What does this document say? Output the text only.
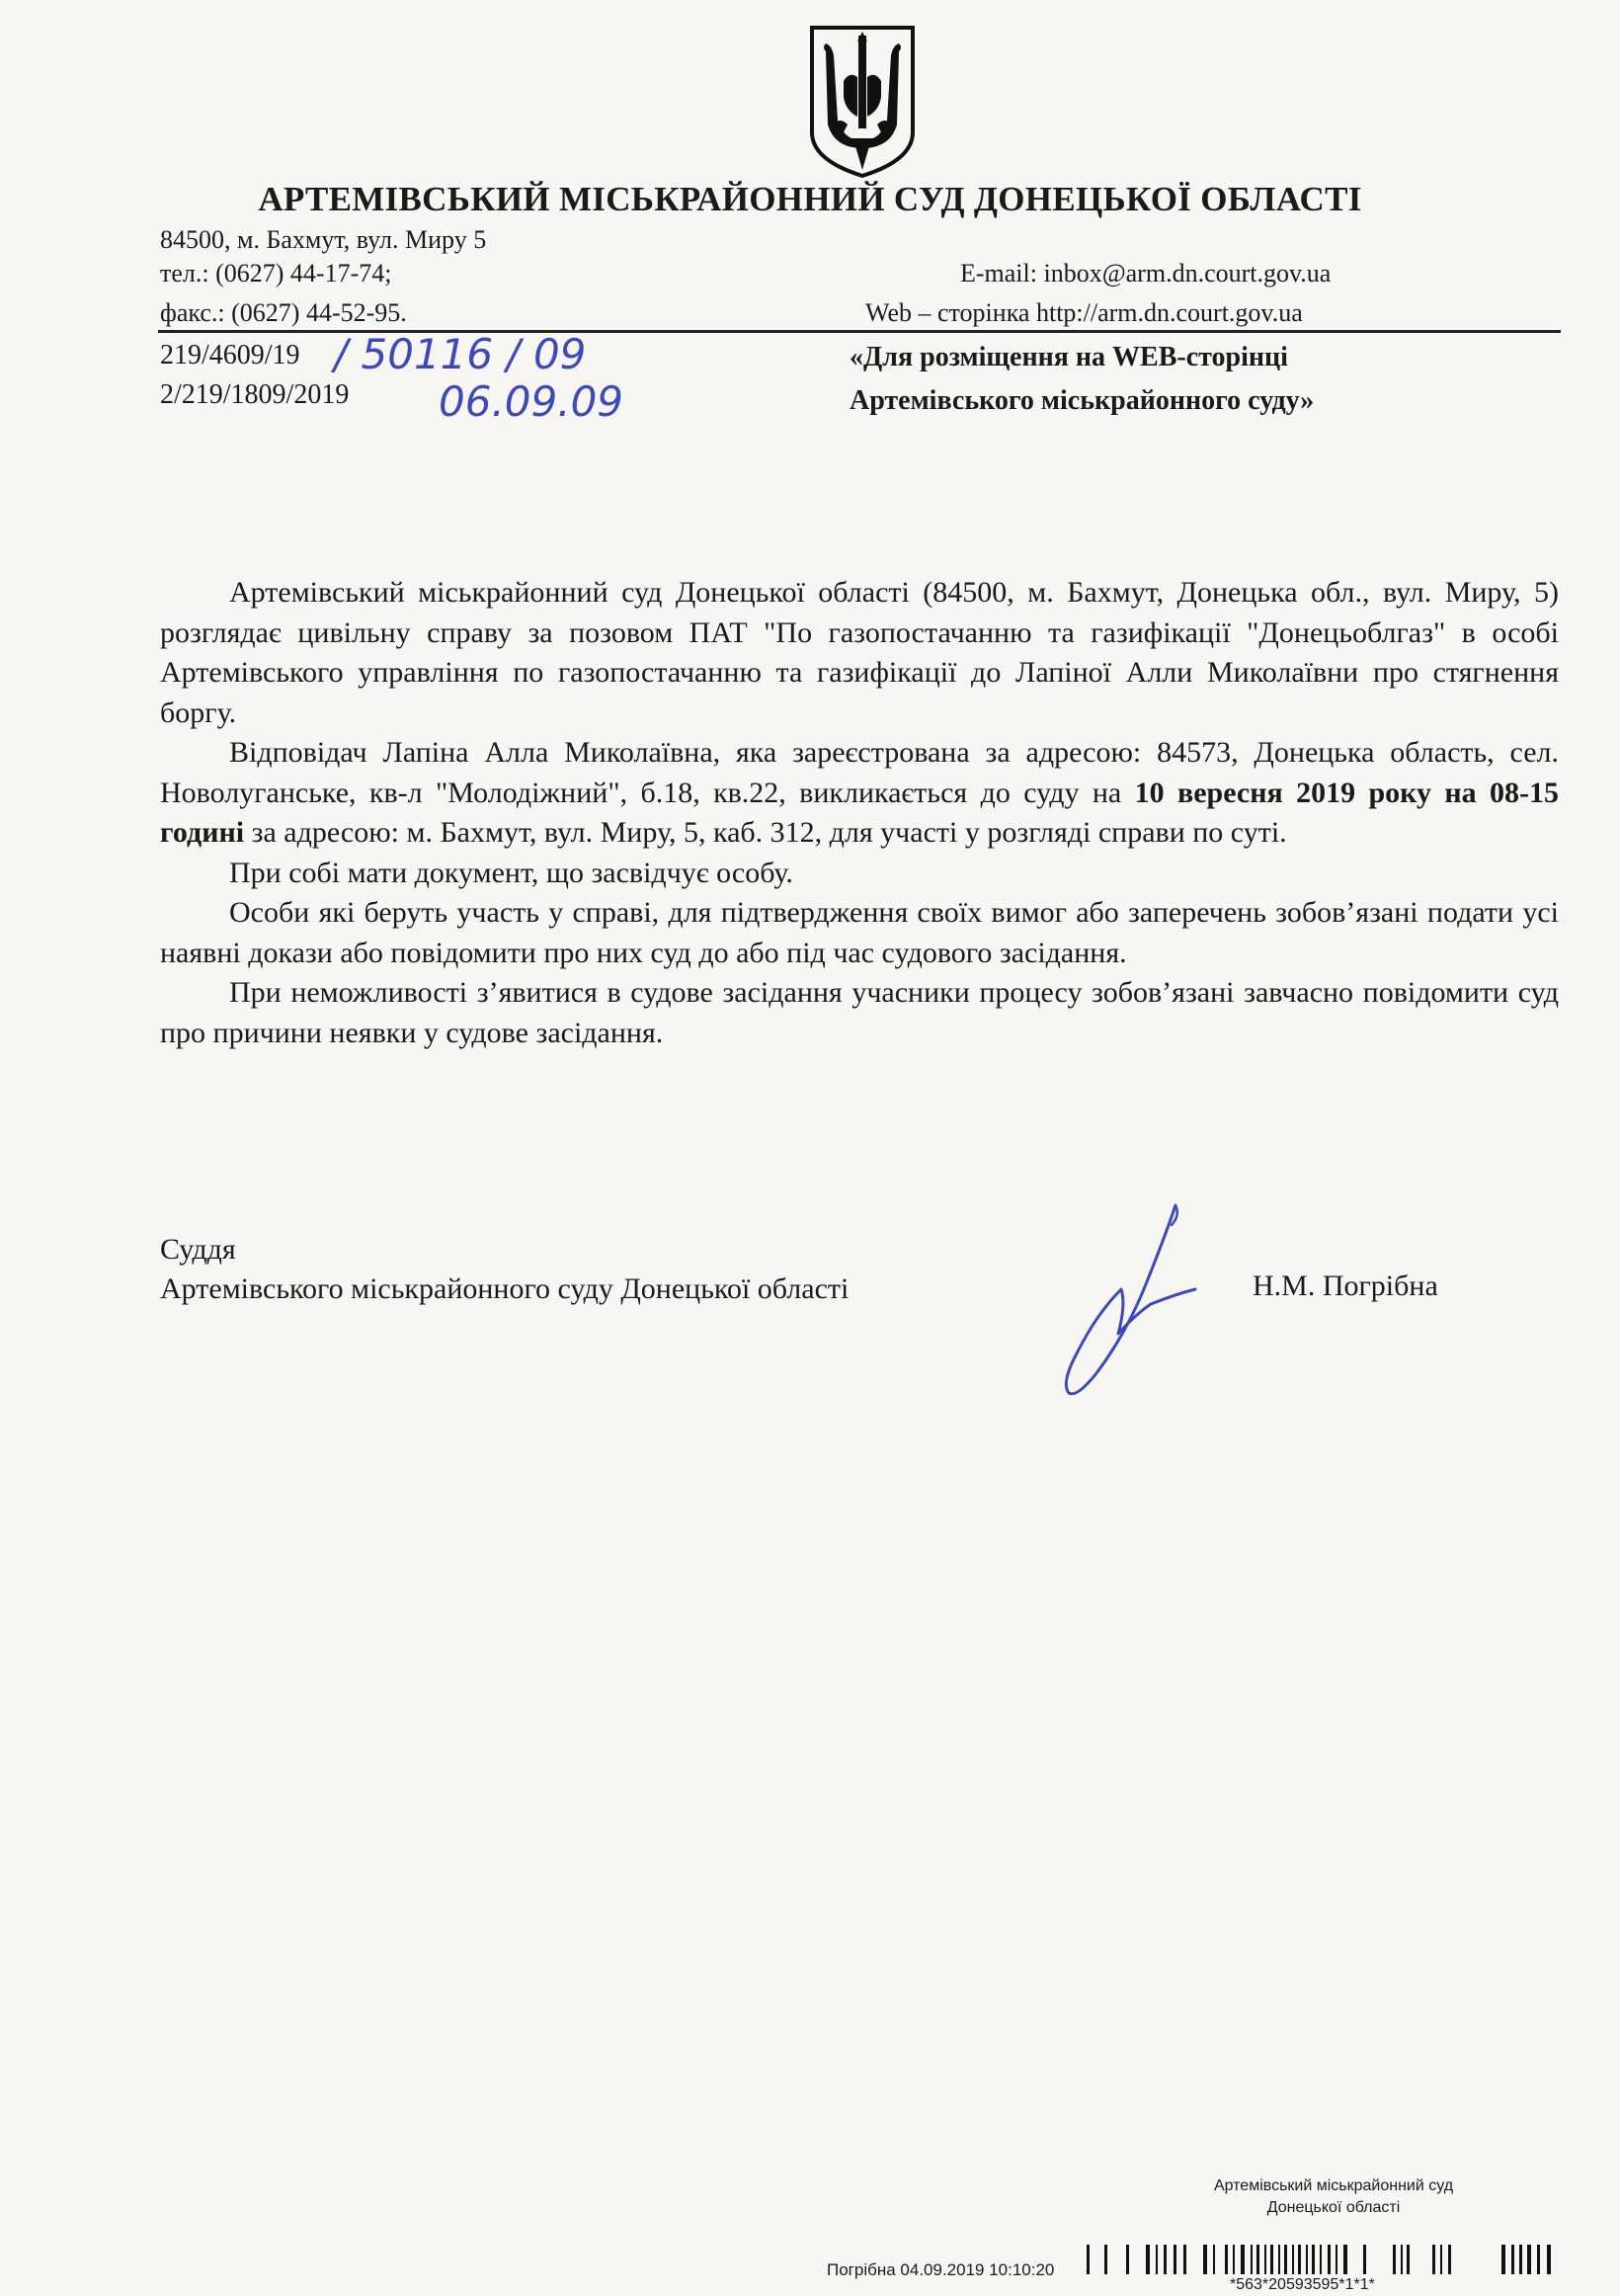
АРТЕМІВСЬКИЙ МІСЬКРАЙОННИЙ СУД ДОНЕЦЬКОЇ ОБЛАСТІ
84500, м. Бахмут, вул. Миру 5
тел.: (0627) 44-17-74;
факс.: (0627) 44-52-95.
E-mail: inbox@arm.dn.court.gov.ua
Web – сторінка http://arm.dn.court.gov.ua
219/4609/19
2/219/1809/2019
/ 50116 / 09
06.09.09
«Для розміщення на WEB-сторінці
Артемівського міськрайонного суду»

Артемівський міськрайонний суд Донецької області (84500, м. Бахмут, Донецька обл., вул. Миру, 5) розглядає цивільну справу за позовом ПАТ "По газопостачанню та газифікації "Донецьоблгаз" в особі Артемівського управління по газопостачанню та газифікації до Лапіної Алли Миколаївни про стягнення боргу.

Відповідач Лапіна Алла Миколаївна, яка зареєстрована за адресою: 84573, Донецька область, сел. Новолуганське, кв-л "Молодіжний", б.18, кв.22, викликається до суду на 10 вересня 2019 року на 08-15 годині за адресою: м. Бахмут, вул. Миру, 5, каб. 312, для участі у розгляді справи по суті.

При собі мати документ, що засвідчує особу.

Особи які беруть участь у справі, для підтвердження своїх вимог або заперечень зобов’язані подати усі наявні докази або повідомити про них суд до або під час судового засідання.

При неможливості з’явитися в судове засідання учасники процесу зобов’язані завчасно повідомити суд про причини неявки у судове засідання.

Суддя
Артемівського міськрайонного суду Донецької області	Н.М. Погрібна
Артемівський міськрайонний суд
Донецької області
Погрібна 04.09.2019 10:10:20
*563*20593595*1*1*
